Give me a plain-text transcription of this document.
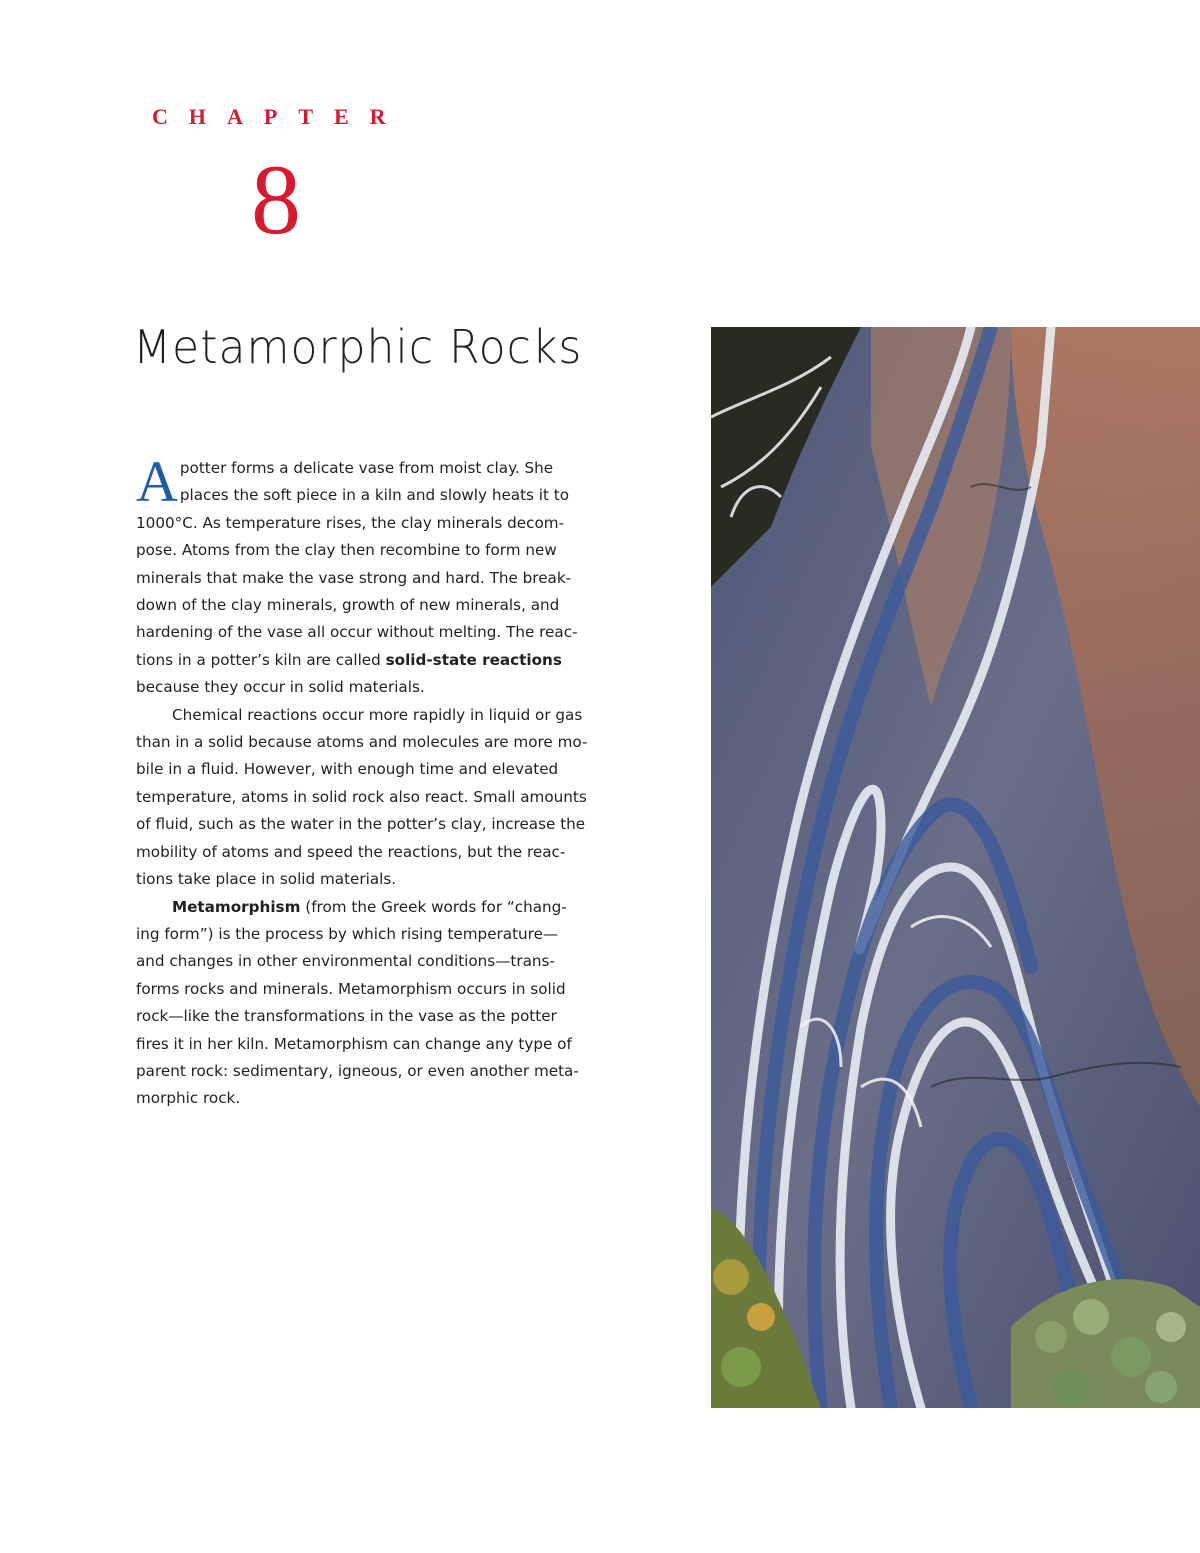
CHAPTER
8
Metamorphic Rocks
A potter forms a delicate vase from moist clay. She
places the soft piece in a kiln and slowly heats it to
1000°C. As temperature rises, the clay minerals decom-
pose. Atoms from the clay then recombine to form new
minerals that make the vase strong and hard. The break-
down of the clay minerals, growth of new minerals, and
hardening of the vase all occur without melting. The reac-
tions in a potter’s kiln are called solid-state reactions
because they occur in solid materials.
Chemical reactions occur more rapidly in liquid or gas
than in a solid because atoms and molecules are more mo-
bile in a fluid. However, with enough time and elevated
temperature, atoms in solid rock also react. Small amounts
of fluid, such as the water in the potter’s clay, increase the
mobility of atoms and speed the reactions, but the reac-
tions take place in solid materials.
Metamorphism (from the Greek words for “chang-
ing form”) is the process by which rising temperature—
and changes in other environmental conditions—trans-
forms rocks and minerals. Metamorphism occurs in solid
rock—like the transformations in the vase as the potter
fires it in her kiln. Metamorphism can change any type of
parent rock: sedimentary, igneous, or even another meta-
morphic rock.
